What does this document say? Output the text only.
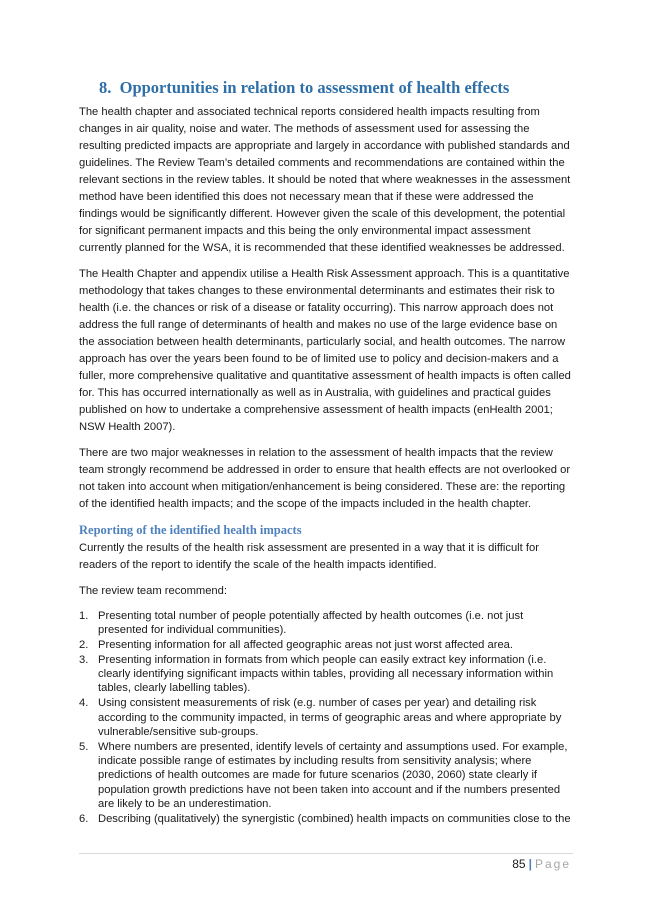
8. Opportunities in relation to assessment of health effects

The health chapter and associated technical reports considered health impacts resulting from changes in air quality, noise and water. The methods of assessment used for assessing the resulting predicted impacts are appropriate and largely in accordance with published standards and guidelines. The Review Team’s detailed comments and recommendations are contained within the relevant sections in the review tables. It should be noted that where weaknesses in the assessment method have been identified this does not necessary mean that if these were addressed the findings would be significantly different. However given the scale of this development, the potential for significant permanent impacts and this being the only environmental impact assessment currently planned for the WSA, it is recommended that these identified weaknesses be addressed.

The Health Chapter and appendix utilise a Health Risk Assessment approach. This is a quantitative methodology that takes changes to these environmental determinants and estimates their risk to health (i.e. the chances or risk of a disease or fatality occurring). This narrow approach does not address the full range of determinants of health and makes no use of the large evidence base on the association between health determinants, particularly social, and health outcomes. The narrow approach has over the years been found to be of limited use to policy and decision-makers and a fuller, more comprehensive qualitative and quantitative assessment of health impacts is often called for. This has occurred internationally as well as in Australia, with guidelines and practical guides published on how to undertake a comprehensive assessment of health impacts (enHealth 2001; NSW Health 2007).

There are two major weaknesses in relation to the assessment of health impacts that the review team strongly recommend be addressed in order to ensure that health effects are not overlooked or not taken into account when mitigation/enhancement is being considered. These are: the reporting of the identified health impacts; and the scope of the impacts included in the health chapter.

Reporting of the identified health impacts

Currently the results of the health risk assessment are presented in a way that it is difficult for readers of the report to identify the scale of the health impacts identified.

The review team recommend:

1. Presenting total number of people potentially affected by health outcomes (i.e. not just presented for individual communities).
2. Presenting information for all affected geographic areas not just worst affected area.
3. Presenting information in formats from which people can easily extract key information (i.e. clearly identifying significant impacts within tables, providing all necessary information within tables, clearly labelling tables).
4. Using consistent measurements of risk (e.g. number of cases per year) and detailing risk according to the community impacted, in terms of geographic areas and where appropriate by vulnerable/sensitive sub-groups.
5. Where numbers are presented, identify levels of certainty and assumptions used. For example, indicate possible range of estimates by including results from sensitivity analysis; where predictions of health outcomes are made for future scenarios (2030, 2060) state clearly if population growth predictions have not been taken into account and if the numbers presented are likely to be an underestimation.
6. Describing (qualitatively) the synergistic (combined) health impacts on communities close to the
85 | Page
